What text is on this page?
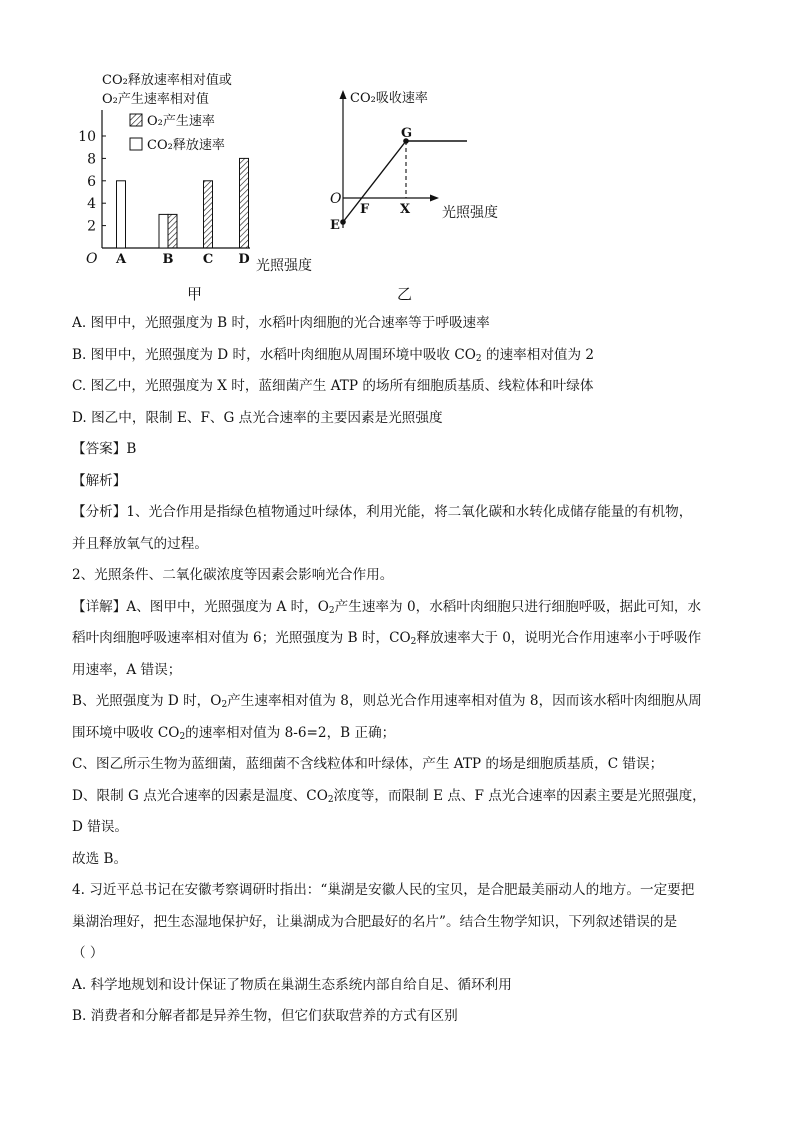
CO₂释放速率相对值或
O₂产生速率相对值
O	光照强度
O₂产生速率
CO₂释放速率
2
4
6
8
10
A	B C D
CO₂吸收速率
光照强度
O
E
F
G
X
甲	乙
A. 图甲中，光照强度为 B 时，水稻叶肉细胞的光合速率等于呼吸速率
B. 图甲中，光照强度为 D 时，水稻叶肉细胞从周围环境中吸收 $CO_2$ 的速率相对值为 2
C. 图乙中，光照强度为 X 时，蓝细菌产生 ATP 的场所有细胞质基质、线粒体和叶绿体
D. 图乙中，限制 E、F、G 点光合速率的主要因素是光照强度
【答案】B
【解析】
【分析】1、光合作用是指绿色植物通过叶绿体，利用光能，将二氧化碳和水转化成储存能量的有机物，
并且释放氧气的过程。
2、光照条件、二氧化碳浓度等因素会影响光合作用。
【详解】A、图甲中，光照强度为 A 时，$O_2$产生速率为 0，水稻叶肉细胞只进行细胞呼吸，据此可知，水
稻叶肉细胞呼吸速率相对值为 6；光照强度为 B 时，$CO_2$释放速率大于 0，说明光合作用速率小于呼吸作
用速率，A 错误；
B、光照强度为 D 时，$O_2$产生速率相对值为 8，则总光合作用速率相对值为 8，因而该水稻叶肉细胞从周
围环境中吸收 $CO_2$的速率相对值为 8-6=2，B 正确；
C、图乙所示生物为蓝细菌，蓝细菌不含线粒体和叶绿体，产生 ATP 的场是细胞质基质，C 错误；
D、限制 G 点光合速率的因素是温度、$CO_2$浓度等，而限制 E 点、F 点光合速率的因素主要是光照强度，
D 错误。
故选 B。
4. 习近平总书记在安徽考察调研时指出：“巢湖是安徽人民的宝贝，是合肥最美丽动人的地方。一定要把
巢湖治理好，把生态湿地保护好，让巢湖成为合肥最好的名片”。结合生物学知识，下列叙述错误的是
（ ）
A. 科学地规划和设计保证了物质在巢湖生态系统内部自给自足、循环利用
B. 消费者和分解者都是异养生物，但它们获取营养的方式有区别
